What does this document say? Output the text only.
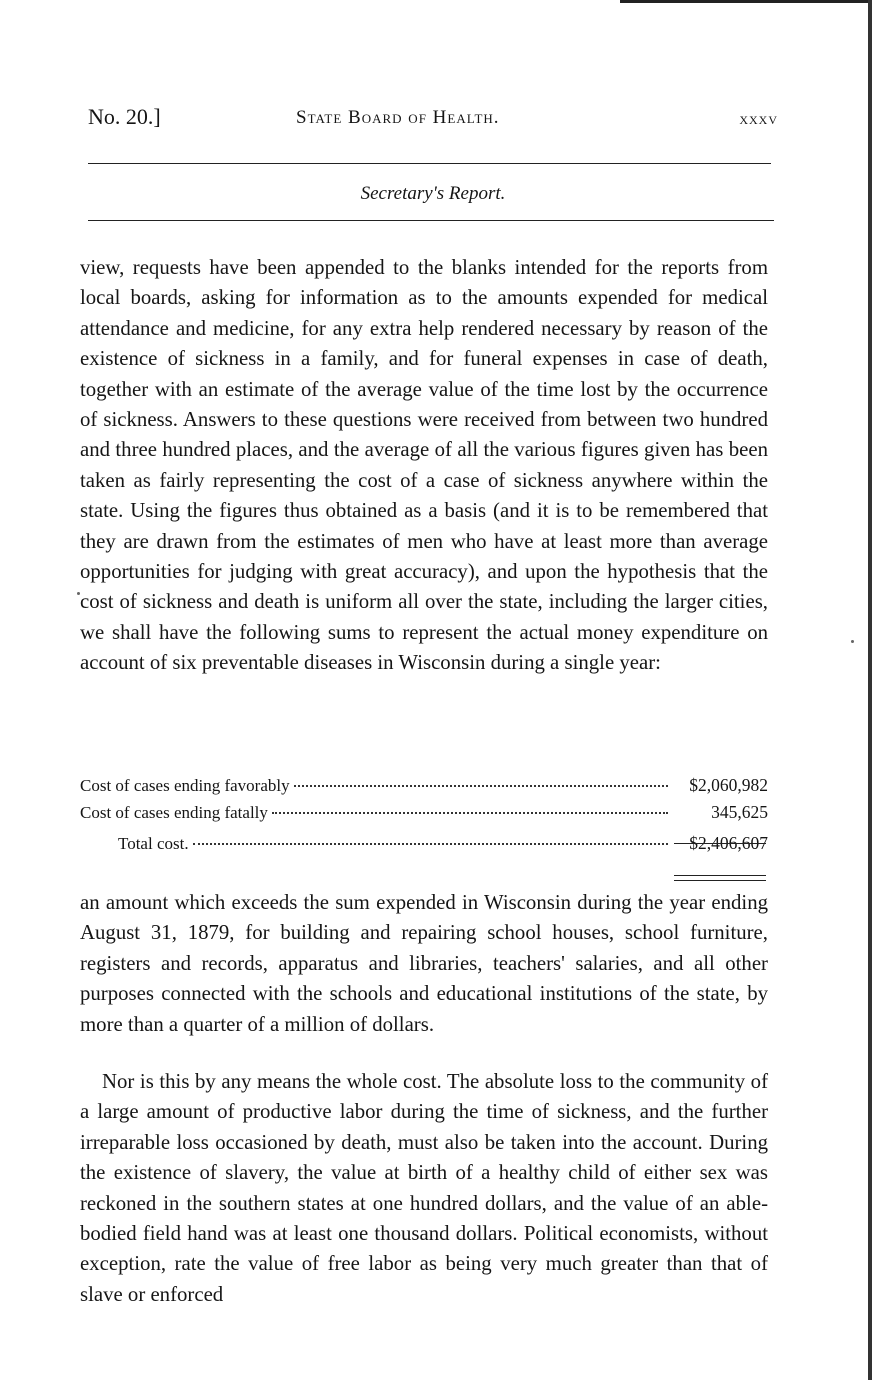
No. 20.]	State Board of Health.	xxxv
Secretary's Report.

view, requests have been appended to the blanks intended for the reports from local boards, asking for information as to the amounts expended for medical attendance and medicine, for any extra help rendered necessary by reason of the existence of sickness in a family, and for funeral expenses in case of death, together with an estimate of the average value of the time lost by the occurrence of sickness. Answers to these questions were received from between two hundred and three hundred places, and the average of all the various figures given has been taken as fairly representing the cost of a case of sickness anywhere within the state. Using the figures thus obtained as a basis (and it is to be remembered that they are drawn from the estimates of men who have at least more than average opportunities for judging with great accuracy), and upon the hypothesis that the cost of sickness and death is uniform all over the state, including the larger cities, we shall have the following sums to represent the actual money expenditure on account of six preventable diseases in Wisconsin during a single year:

Cost of cases ending favorably	$2,060,982
Cost of cases ending fatally	345,625
Total cost.	$2,406,607

an amount which exceeds the sum expended in Wisconsin during the year ending August 31, 1879, for building and repairing school houses, school furniture, registers and records, apparatus and libraries, teachers' salaries, and all other purposes connected with the schools and educational institutions of the state, by more than a quarter of a million of dollars.

Nor is this by any means the whole cost. The absolute loss to the community of a large amount of productive labor during the time of sickness, and the further irreparable loss occasioned by death, must also be taken into the account. During the existence of slavery, the value at birth of a healthy child of either sex was reckoned in the southern states at one hundred dollars, and the value of an able-bodied field hand was at least one thousand dollars. Political economists, without exception, rate the value of free labor as being very much greater than that of slave or enforced
